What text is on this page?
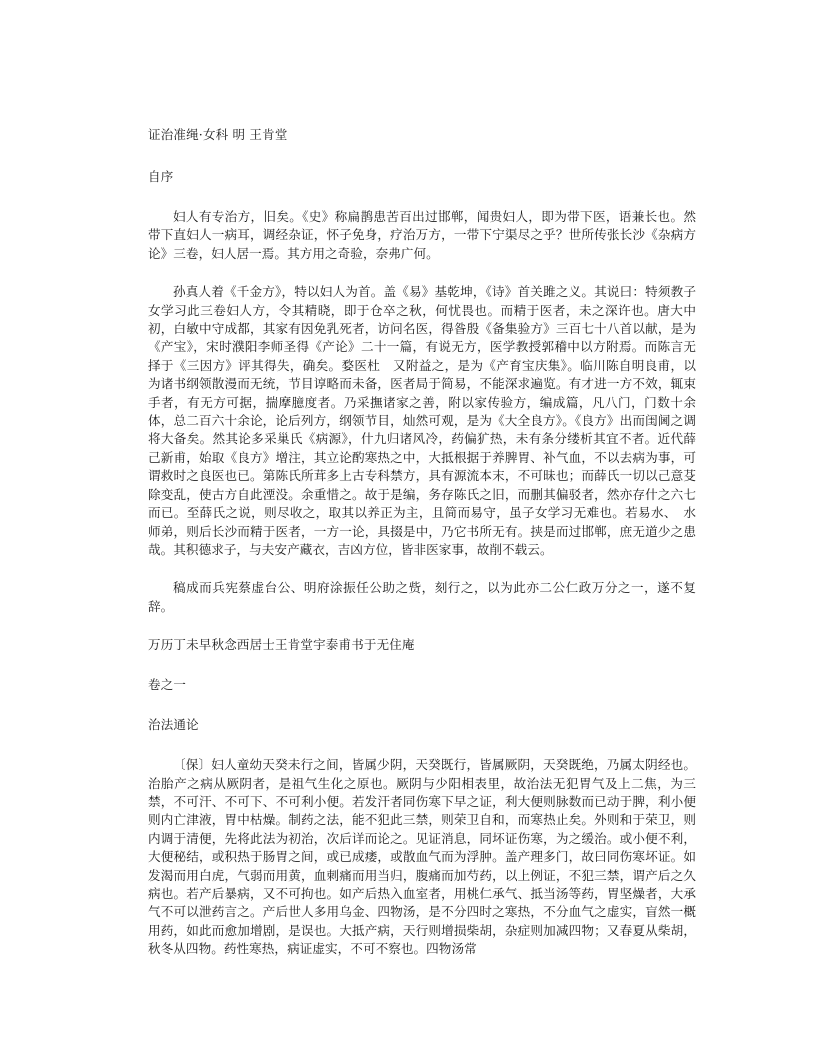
证治准绳·女科 明 王肯堂
自序

妇人有专治方，旧矣。《史》称扁鹊患苦百出过邯郸，闻贵妇人，即为带下医，语兼长也。然带下直妇人一病耳，调经杂证，怀子免身，疗治万方，一带下宁渠尽之乎？世所传张长沙《杂病方论》三卷，妇人居一焉。其方用之奇验，奈弗广何。

孙真人着《千金方》，特以妇人为首。盖《易》基乾坤，《诗》首关雎之义。其说曰：特须教子女学习此三卷妇人方，令其精晓，即于仓卒之秋，何忧畏也。而精于医者，未之深许也。唐大中初，白敏中守成都，其家有因免乳死者，访问名医，得昝殷《备集验方》三百七十八首以献，是为《产宝》，宋时濮阳李师圣得《产论》二十一篇，有说无方，医学教授郭稽中以方附焉。而陈言无择于《三因方》评其得失，确矣。婺医杜　又附益之，是为《产育宝庆集》。临川陈自明良甫，以为诸书纲领散漫而无统，节目谆略而未备，医者局于简易，不能深求遍览。有才进一方不效，辄束手者，有无方可据，揣摩臆度者。乃采撫诸家之善，附以家传验方，编成篇，凡八门，门数十余体，总二百六十余论，论后列方，纲领节目，灿然可观，是为《大全良方》。《良方》出而闺阃之调将大备矣。然其论多采巢氏《病源》，什九归诸风冷，药偏犷热，未有条分缕析其宜不者。近代薛己新甫，始取《良方》增注，其立论酌寒热之中，大抵根据于养脾胃、补气血，不以去病为事，可谓救时之良医也已。第陈氏所茸多上古专科禁方，具有源流本末，不可昧也；而薛氏一切以己意芟除变乱，使古方自此湮没。余重惜之。故于是编，务存陈氏之旧，而删其偏驳者，然亦存什之六七而已。至薛氏之说，则尽收之，取其以养正为主，且简而易守，虽子女学习无难也。若易水、　水师弟，则后长沙而精于医者，一方一论，具掇是中，乃它书所无有。挟是而过邯郸，庶无道少之患哉。其积德求子，与夫安产藏衣，吉凶方位，皆非医家事，故削不载云。

稿成而兵宪蔡虚台公、明府涂振任公助之赀，刻行之，以为此亦二公仁政万分之一，遂不复辞。

万历丁未早秋念西居士王肯堂宇泰甫书于无住庵
卷之一
治法通论

〔保〕妇人童幼天癸未行之间，皆属少阴，天癸既行，皆属厥阴，天癸既绝，乃属太阴经也。治胎产之病从厥阴者，是祖气生化之原也。厥阴与少阳相表里，故治法无犯胃气及上二焦，为三禁，不可汗、不可下、不可利小便。若发汗者同伤寒下早之证，利大便则脉数而已动于脾，利小便则内亡津液，胃中枯燥。制药之法，能不犯此三禁，则荣卫自和，而寒热止矣。外则和于荣卫，则内调于清便，先将此法为初治，次后详而论之。见证消息，同坏证伤寒，为之缓治。或小便不利，大便秘结，或积热于肠胃之间，或已成痿，或散血气而为浮肿。盖产理多门，故曰同伤寒坏证。如发渴而用白虎，气弱而用黄，血刺痛而用当归，腹痛而加芍药，以上例证，不犯三禁，谓产后之久病也。若产后暴病，又不可拘也。如产后热入血室者，用桃仁承气、抵当汤等药，胃坚燥者，大承气不可以泄药言之。产后世人多用乌金、四物汤，是不分四时之寒热，不分血气之虚实，盲然一概用药，如此而愈加增剧，是误也。大抵产病，天行则增损柴胡，杂症则加减四物；又春夏从柴胡，秋冬从四物。药性寒热，病证虚实，不可不察也。四物汤常
